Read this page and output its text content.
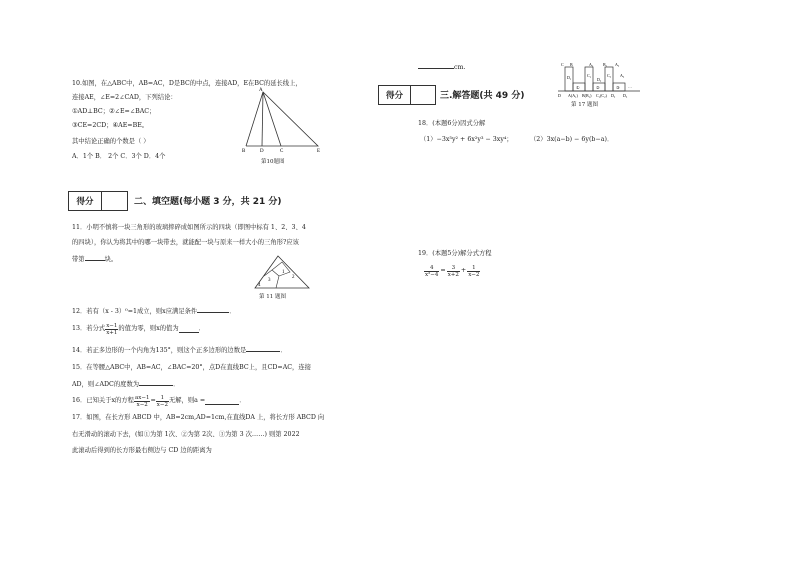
10.如图，在△ABC中，AB=AC，D是BC的中点，连接AD，E在BC的延长线上，
连接AE，∠E=2∠CAD，下列结论：
①AD⊥BC；②∠E=∠BAC；
③CE=2CD；④AE=BE。
其中结论正确的个数是（ ）
A．1个 B． 2个 C．3个 D．4个
A
B	D	C	E
第10题图
得分	二、填空题(每小题 3 分，共 21 分)
11．小明不慎将一块三角形的玻璃摔碎成如图所示的四块（即图中标有 1、2、3、4
的四块），你认为将其中的哪一块带去，就能配一块与原来一样大小的三角形?应该
带第	块。
1
2
3
4
第 11 题图
12．若有（x - 3）⁰=1成立，则x应满足条件	．
13．若分式 $\frac{x-1}{x+1}$ 的值为零，则x的值为	．
14．若正多边形的一个内角为135°，则这个正多边形的边数是	．
15．在等腰△ABC中，AB=AC，∠BAC=20°，点D在直线BC上，且CD=AC，连接
AD，则∠ADC的度数为	．
16．已知关于x的方程 $\frac{ax-1}{x-2} = \frac{1}{x-2}$ 无解，则a =	．
17．如图，在长方形 ABCD 中，AB=2cm,AD=1cm,在直线DA 上，将长方形 ABCD 向
右无滑动的滚动下去，(如①为第 1次、②为第 2次、③为第 3 次……) 则第 2022
此滚动后得到的长方形最右侧边与 CD 边的距离为
cm.	C B	A₁ B₁ A₂
D₁	C₁
D₂
C₂ A₃
①	②	③ …
D A(A₁) B(B₁) C₁(C₂) D₂ D₃
第 17 题图
得分	三.解答题(共 49 分)
18．(本题6分)因式分解
（1）−3x³y² + 6x²y³ − 3xy⁴；	（2）3x(a−b) − 6y(b−a)．
19．(本题5分)解分式方程
$\frac{4}{\text{x²−4}} = \frac{3}{x+2} + \frac{1}{x-2}$
